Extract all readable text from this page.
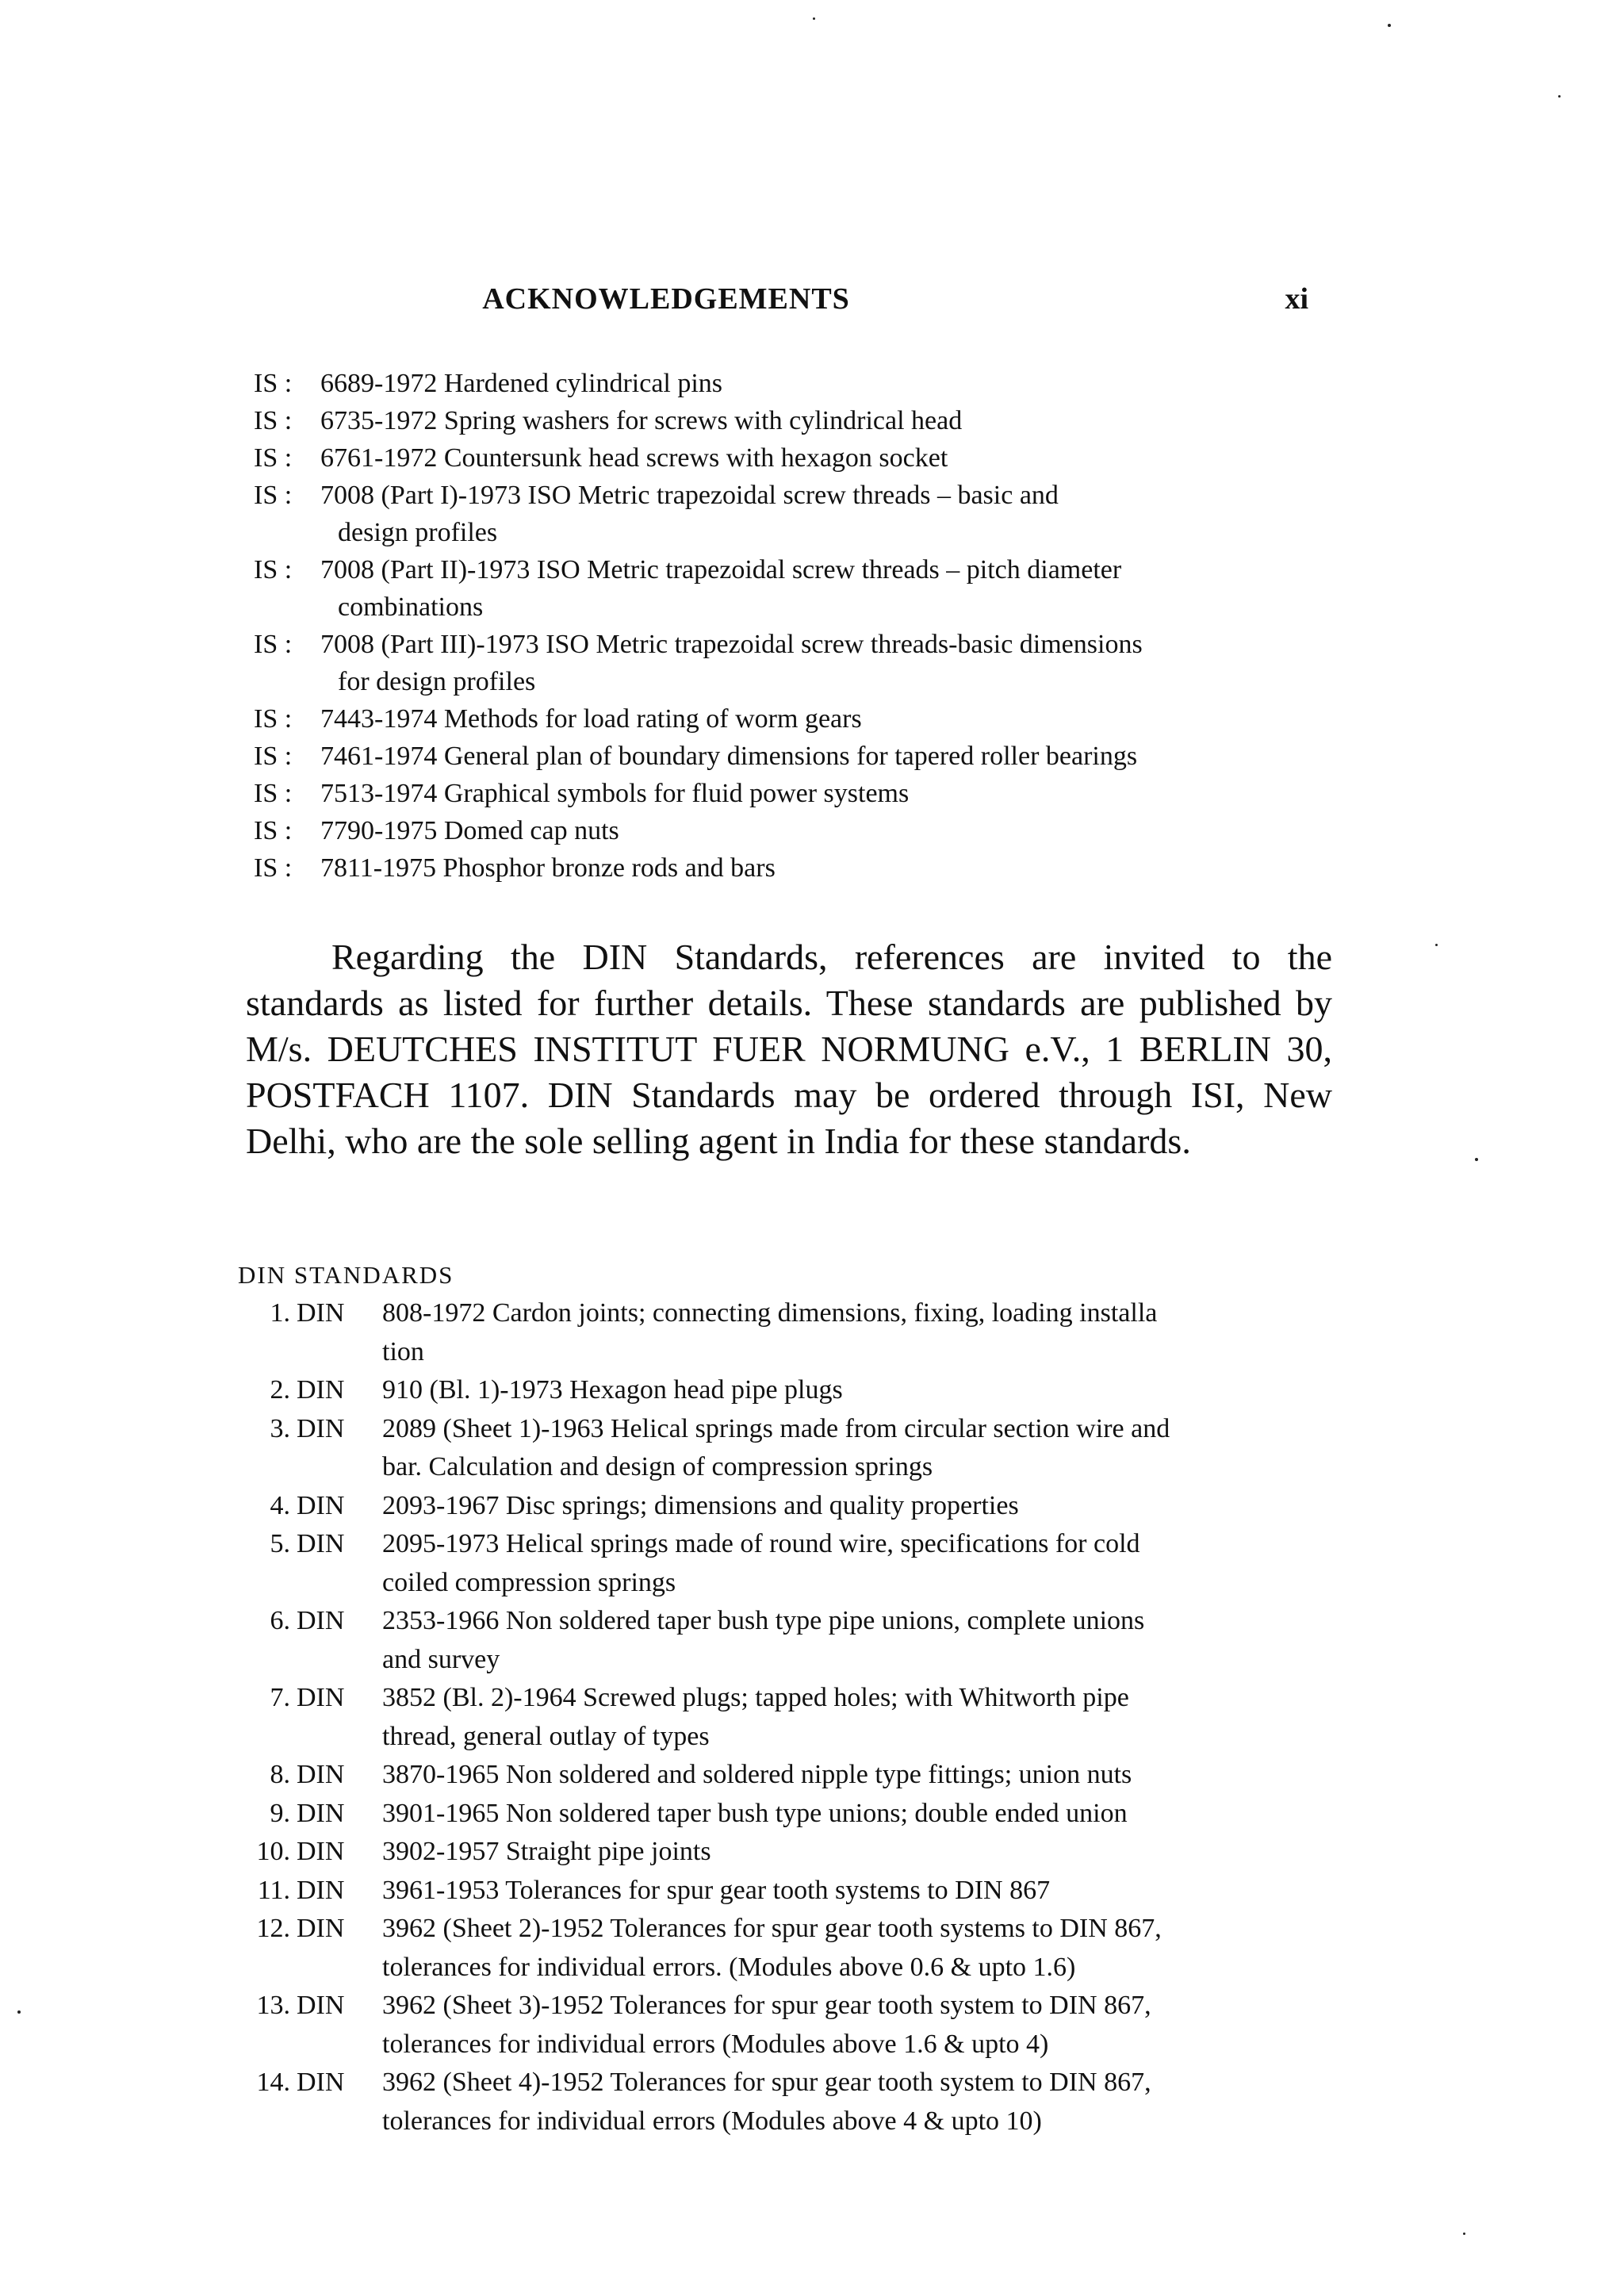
ACKNOWLEDGEMENTS	xi
IS :	6689-1972 Hardened cylindrical pins
IS :	6735-1972 Spring washers for screws with cylindrical head
IS :	6761-1972 Countersunk head screws with hexagon socket
IS :	7008 (Part I)-1973 ISO Metric trapezoidal screw threads – basic and
design profiles
IS :	7008 (Part II)-1973 ISO Metric trapezoidal screw threads – pitch diameter
combinations
IS :	7008 (Part III)-1973 ISO Metric trapezoidal screw threads-basic dimensions
for design profiles
IS :	7443-1974 Methods for load rating of worm gears
IS :	7461-1974 General plan of boundary dimensions for tapered roller bearings
IS :	7513-1974 Graphical symbols for fluid power systems
IS :	7790-1975 Domed cap nuts
IS :	7811-1975 Phosphor bronze rods and bars
Regarding the DIN Standards, references are invited to the standards as listed for further details. These standards are published by M/s. DEUTCHES INSTITUT FUER NORMUNG e.V., 1 BERLIN 30, POSTFACH 1107. DIN Standards may be ordered through ISI, New Delhi, who are the sole selling agent in India for these standards.
DIN STANDARDS
1. DIN	808-1972 Cardon joints; connecting dimensions, fixing, loading installa
tion
2. DIN	910 (Bl. 1)-1973 Hexagon head pipe plugs
3. DIN	2089 (Sheet 1)-1963 Helical springs made from circular section wire and
bar. Calculation and design of compression springs
4. DIN	2093-1967 Disc springs; dimensions and quality properties
5. DIN	2095-1973 Helical springs made of round wire, specifications for cold
coiled compression springs
6. DIN	2353-1966 Non soldered taper bush type pipe unions, complete unions
and survey
7. DIN	3852 (Bl. 2)-1964 Screwed plugs; tapped holes; with Whitworth pipe
thread, general outlay of types
8. DIN	3870-1965 Non soldered and soldered nipple type fittings; union nuts
9. DIN	3901-1965 Non soldered taper bush type unions; double ended union
10. DIN	3902-1957 Straight pipe joints
11. DIN	3961-1953 Tolerances for spur gear tooth systems to DIN 867
12. DIN	3962 (Sheet 2)-1952 Tolerances for spur gear tooth systems to DIN 867,
tolerances for individual errors. (Modules above 0.6 & upto 1.6)
13. DIN	3962 (Sheet 3)-1952 Tolerances for spur gear tooth system to DIN 867,
tolerances for individual errors (Modules above 1.6 & upto 4)
14. DIN	3962 (Sheet 4)-1952 Tolerances for spur gear tooth system to DIN 867,
tolerances for individual errors (Modules above 4 & upto 10)
